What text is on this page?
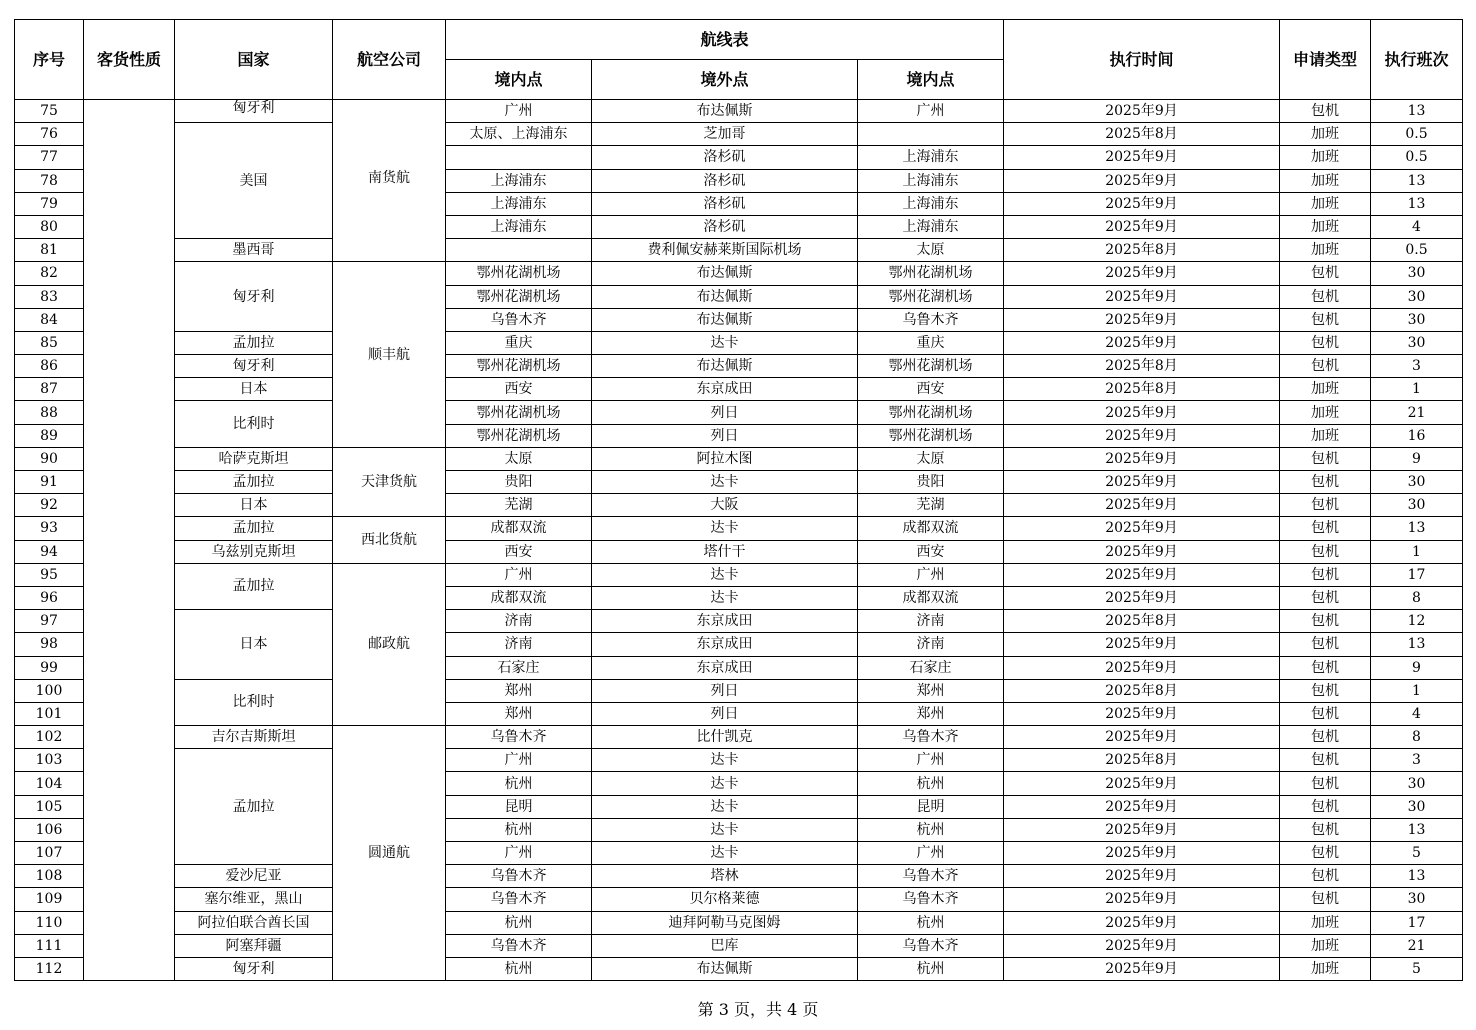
序号	客货性质	国家	航空公司	航线表			执行时间	申请类型	执行班次
				境内点	境外点	境内点			
75		匈牙利	南货航	广州	布达佩斯	广州	2025年9月	包机	13
76		美国		太原、上海浦东	芝加哥		2025年8月	加班	0.5
77					洛杉矶	上海浦东	2025年9月	加班	0.5
78				上海浦东	洛杉矶	上海浦东	2025年9月	加班	13
79				上海浦东	洛杉矶	上海浦东	2025年9月	加班	13
80				上海浦东	洛杉矶	上海浦东	2025年9月	加班	4
81		墨西哥			费利佩安赫莱斯国际机场	太原	2025年8月	加班	0.5
82		匈牙利	顺丰航	鄂州花湖机场	布达佩斯	鄂州花湖机场	2025年9月	包机	30
83				鄂州花湖机场	布达佩斯	鄂州花湖机场	2025年9月	包机	30
84				乌鲁木齐	布达佩斯	乌鲁木齐	2025年9月	包机	30
85		孟加拉		重庆	达卡	重庆	2025年9月	包机	30
86		匈牙利		鄂州花湖机场	布达佩斯	鄂州花湖机场	2025年8月	包机	3
87		日本		西安	东京成田	西安	2025年8月	加班	1
88		比利时		鄂州花湖机场	列日	鄂州花湖机场	2025年9月	加班	21
89				鄂州花湖机场	列日	鄂州花湖机场	2025年9月	加班	16
90		哈萨克斯坦	天津货航	太原	阿拉木图	太原	2025年9月	包机	9
91		孟加拉		贵阳	达卡	贵阳	2025年9月	包机	30
92		日本		芜湖	大阪	芜湖	2025年9月	包机	30
93		孟加拉	西北货航	成都双流	达卡	成都双流	2025年9月	包机	13
94		乌兹别克斯坦		西安	塔什干	西安	2025年9月	包机	1
95		孟加拉	邮政航	广州	达卡	广州	2025年9月	包机	17
96				成都双流	达卡	成都双流	2025年9月	包机	8
97		日本		济南	东京成田	济南	2025年8月	包机	12
98				济南	东京成田	济南	2025年9月	包机	13
99				石家庄	东京成田	石家庄	2025年9月	包机	9
100		比利时		郑州	列日	郑州	2025年8月	包机	1
101				郑州	列日	郑州	2025年9月	包机	4
102		吉尔吉斯斯坦	圆通航	乌鲁木齐	比什凯克	乌鲁木齐	2025年9月	包机	8
103		孟加拉		广州	达卡	广州	2025年8月	包机	3
104				杭州	达卡	杭州	2025年9月	包机	30
105				昆明	达卡	昆明	2025年9月	包机	30
106				杭州	达卡	杭州	2025年9月	包机	13
107				广州	达卡	广州	2025年9月	包机	5
108		爱沙尼亚		乌鲁木齐	塔林	乌鲁木齐	2025年9月	包机	13
109		塞尔维亚，黑山		乌鲁木齐	贝尔格莱德	乌鲁木齐	2025年9月	包机	30
110		阿拉伯联合酋长国		杭州	迪拜阿勒马克图姆	杭州	2025年9月	加班	17
111		阿塞拜疆		乌鲁木齐	巴库	乌鲁木齐	2025年9月	加班	21
112		匈牙利		杭州	布达佩斯	杭州	2025年9月	加班	5
第 3 页，共 4 页
